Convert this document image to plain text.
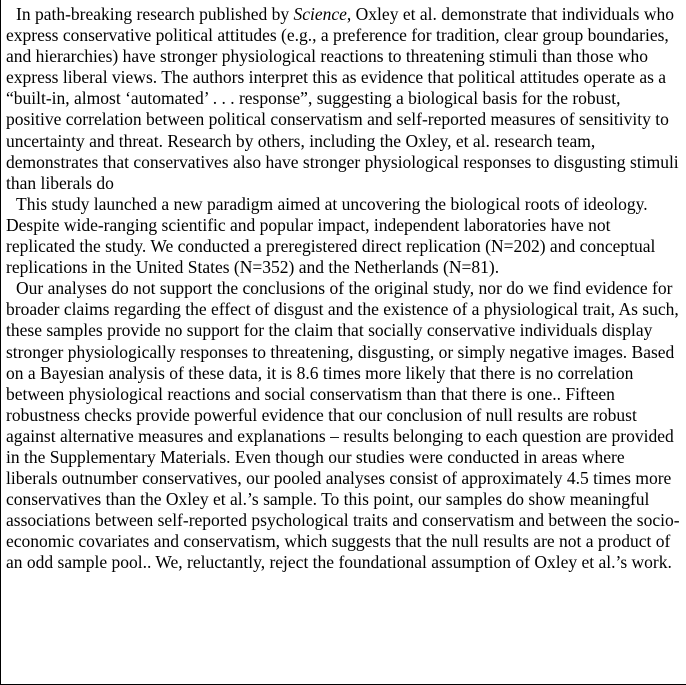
In path-breaking research published by Science, Oxley et al. demonstrate that individuals who express conservative political attitudes (e.g., a preference for tradition, clear group boundaries, and hierarchies) have stronger physiological reactions to threatening stimuli than those who express liberal views. The authors interpret this as evidence that political attitudes operate as a “built-in, almost ‘automated’ . . . response”, suggesting a biological basis for the robust, positive correlation between political conservatism and self-reported measures of sensitivity to uncertainty and threat. Research by others, including the Oxley, et al. research team, demonstrates that conservatives also have stronger physiological responses to disgusting stimuli than liberals do

This study launched a new paradigm aimed at uncovering the biological roots of ideology. Despite wide-ranging scientific and popular impact, independent laboratories have not replicated the study. We conducted a preregistered direct replication (N=202) and conceptual replications in the United States (N=352) and the Netherlands (N=81).

Our analyses do not support the conclusions of the original study, nor do we find evidence for broader claims regarding the effect of disgust and the existence of a physiological trait, As such, these samples provide no support for the claim that socially conservative individuals display stronger physiologically responses to threatening, disgusting, or simply negative images. Based on a Bayesian analysis of these data, it is 8.6 times more likely that there is no correlation between physiological reactions and social conservatism than that there is one.. Fifteen robustness checks provide powerful evidence that our conclusion of null results are robust against alternative measures and explanations – results belonging to each question are provided in the Supplementary Materials. Even though our studies were conducted in areas where liberals outnumber conservatives, our pooled analyses consist of approximately 4.5 times more conservatives than the Oxley et al.’s sample. To this point, our samples do show meaningful associations between self-reported psychological traits and conservatism and between the socio-economic covariates and conservatism, which suggests that the null results are not a product of an odd sample pool.. We, reluctantly, reject the foundational assumption of Oxley et al.’s work.
